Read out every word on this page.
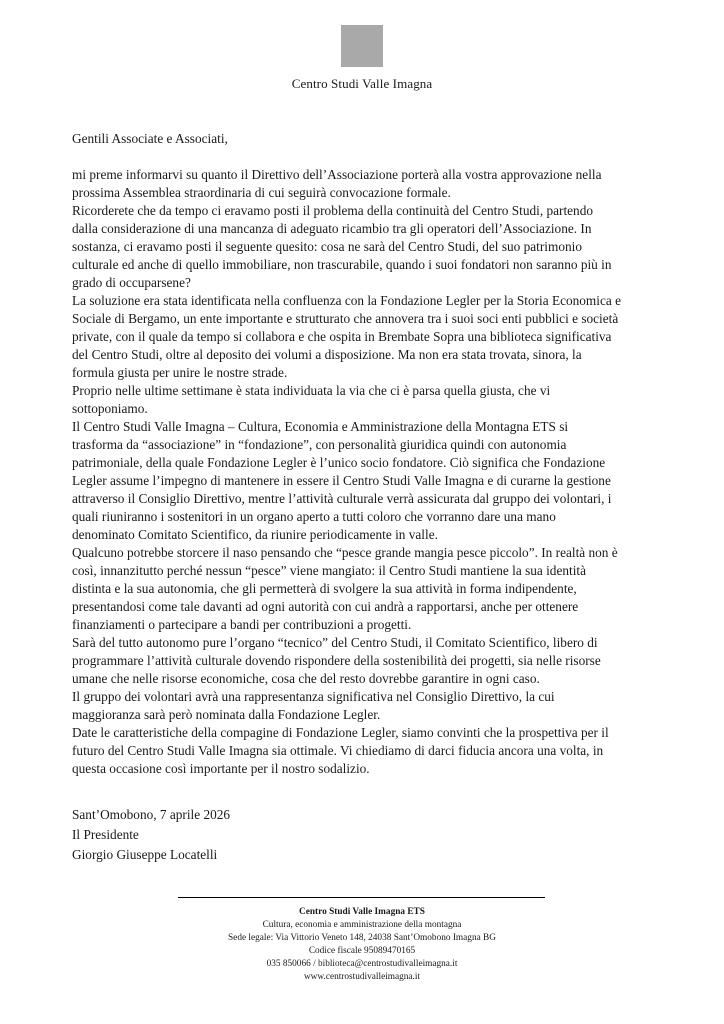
Centro Studi Valle Imagna
Gentili Associate e Associati,
mi preme informarvi su quanto il Direttivo dell’Associazione porterà alla vostra approvazione nella
prossima Assemblea straordinaria di cui seguirà convocazione formale.
Ricorderete che da tempo ci eravamo posti il problema della continuità del Centro Studi, partendo
dalla considerazione di una mancanza di adeguato ricambio tra gli operatori dell’Associazione. In
sostanza, ci eravamo posti il seguente quesito: cosa ne sarà del Centro Studi, del suo patrimonio
culturale ed anche di quello immobiliare, non trascurabile, quando i suoi fondatori non saranno più in
grado di occuparsene?
La soluzione era stata identificata nella confluenza con la Fondazione Legler per la Storia Economica e
Sociale di Bergamo, un ente importante e strutturato che annovera tra i suoi soci enti pubblici e società
private, con il quale da tempo si collabora e che ospita in Brembate Sopra una biblioteca significativa
del Centro Studi, oltre al deposito dei volumi a disposizione. Ma non era stata trovata, sinora, la
formula giusta per unire le nostre strade.
Proprio nelle ultime settimane è stata individuata la via che ci è parsa quella giusta, che vi
sottoponiamo.
Il Centro Studi Valle Imagna – Cultura, Economia e Amministrazione della Montagna ETS si
trasforma da “associazione” in “fondazione”, con personalità giuridica quindi con autonomia
patrimoniale, della quale Fondazione Legler è l’unico socio fondatore. Ciò significa che Fondazione
Legler assume l’impegno di mantenere in essere il Centro Studi Valle Imagna e di curarne la gestione
attraverso il Consiglio Direttivo, mentre l’attività culturale verrà assicurata dal gruppo dei volontari, i
quali riuniranno i sostenitori in un organo aperto a tutti coloro che vorranno dare una mano
denominato Comitato Scientifico, da riunire periodicamente in valle.
Qualcuno potrebbe storcere il naso pensando che “pesce grande mangia pesce piccolo”. In realtà non è
così, innanzitutto perché nessun “pesce” viene mangiato: il Centro Studi mantiene la sua identità
distinta e la sua autonomia, che gli permetterà di svolgere la sua attività in forma indipendente,
presentandosi come tale davanti ad ogni autorità con cui andrà a rapportarsi, anche per ottenere
finanziamenti o partecipare a bandi per contribuzioni a progetti.
Sarà del tutto autonomo pure l’organo “tecnico” del Centro Studi, il Comitato Scientifico, libero di
programmare l’attività culturale dovendo rispondere della sostenibilità dei progetti, sia nelle risorse
umane che nelle risorse economiche, cosa che del resto dovrebbe garantire in ogni caso.
Il gruppo dei volontari avrà una rappresentanza significativa nel Consiglio Direttivo, la cui
maggioranza sarà però nominata dalla Fondazione Legler.
Date le caratteristiche della compagine di Fondazione Legler, siamo convinti che la prospettiva per il
futuro del Centro Studi Valle Imagna sia ottimale. Vi chiediamo di darci fiducia ancora una volta, in
questa occasione così importante per il nostro sodalizio.
Sant’Omobono, 7 aprile 2026
Il Presidente
Giorgio Giuseppe Locatelli
Centro Studi Valle Imagna ETS
Cultura, economia e amministrazione della montagna
Sede legale: Via Vittorio Veneto 148, 24038 Sant’Omobono Imagna BG
Codice fiscale 95089470165
035 850066 / biblioteca@centrostudivalleimagna.it
www.centrostudivalleimagna.it
